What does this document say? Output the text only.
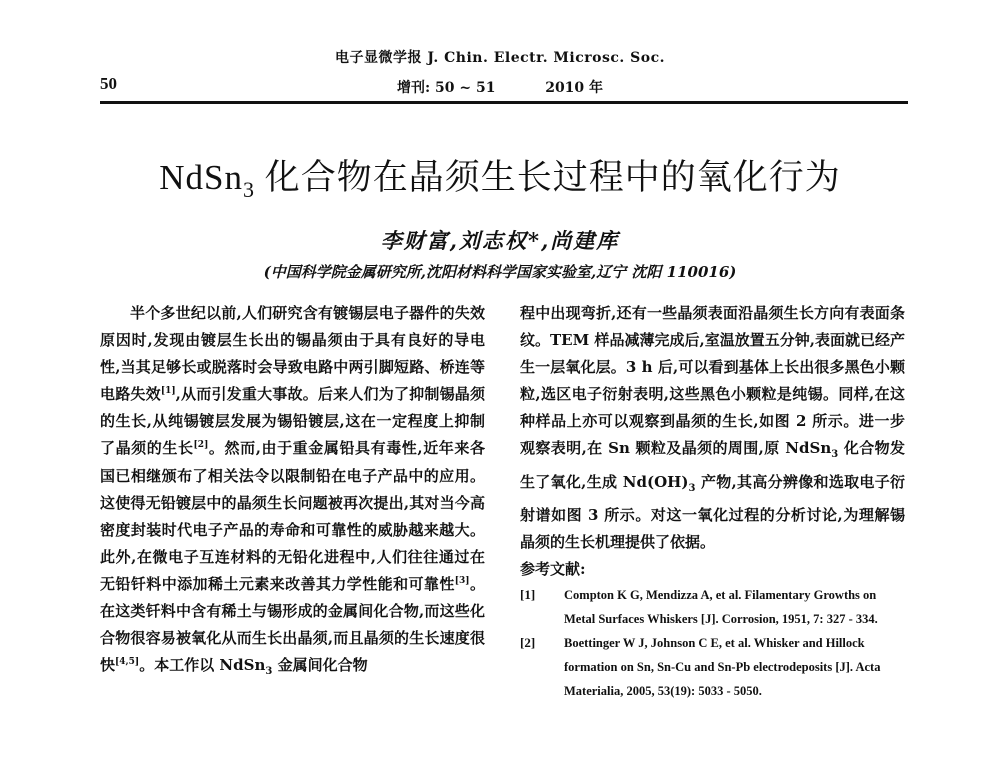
电子显微学报 J. Chin. Electr. Microsc. Soc.
50	增刊: 50 ~ 51	2010 年
NdSn$_3$ 化合物在晶须生长过程中的氧化行为
李财富,刘志权*,尚建库
(中国科学院金属研究所,沈阳材料科学国家实验室,辽宁 沈阳 110016)

半个多世纪以前,人们研究含有镀锡层电子器件的失效原因时,发现由镀层生长出的锡晶须由于具有良好的导电性,当其足够长或脱落时会导致电路中两引脚短路、桥连等电路失效[1],从而引发重大事故。后来人们为了抑制锡晶须的生长,从纯锡镀层发展为锡铅镀层,这在一定程度上抑制了晶须的生长[2]。然而,由于重金属铅具有毒性,近年来各国已相继颁布了相关法令以限制铅在电子产品中的应用。这使得无铅镀层中的晶须生长问题被再次提出,其对当今高密度封装时代电子产品的寿命和可靠性的威胁越来越大。此外,在微电子互连材料的无铅化进程中,人们往往通过在无铅钎料中添加稀土元素来改善其力学性能和可靠性[3]。在这类钎料中含有稀土与锡形成的金属间化合物,而这些化合物很容易被氧化从而生长出晶须,而且晶须的生长速度很快[4,5]。本工作以 NdSn$_3$ 金属间化合物

程中出现弯折,还有一些晶须表面沿晶须生长方向有表面条纹。TEM 样品减薄完成后,室温放置五分钟,表面就已经产生一层氧化层。3 h 后,可以看到基体上长出很多黑色小颗粒,选区电子衍射表明,这些黑色小颗粒是纯锡。同样,在这种样品上亦可以观察到晶须的生长,如图 2 所示。进一步观察表明,在 Sn 颗粒及晶须的周围,原 NdSn$_3$ 化合物发生了氧化,生成 $Nd(OH)_3$ 产物,其高分辨像和选取电子衍射谱如图 3 所示。对这一氧化过程的分析讨论,为理解锡晶须的生长机理提供了依据。

参考文献:

[1] Compton K G, Mendizza A, et al. Filamentary Growths on Metal Surfaces Whiskers [J]. Corrosion, 1951, 7: 327 - 334.
[2] Boettinger W J, Johnson C E, et al. Whisker and Hillock formation on Sn, Sn-Cu and Sn-Pb electrodeposits [J]. Acta Materialia, 2005, 53(19): 5033 - 5050.
